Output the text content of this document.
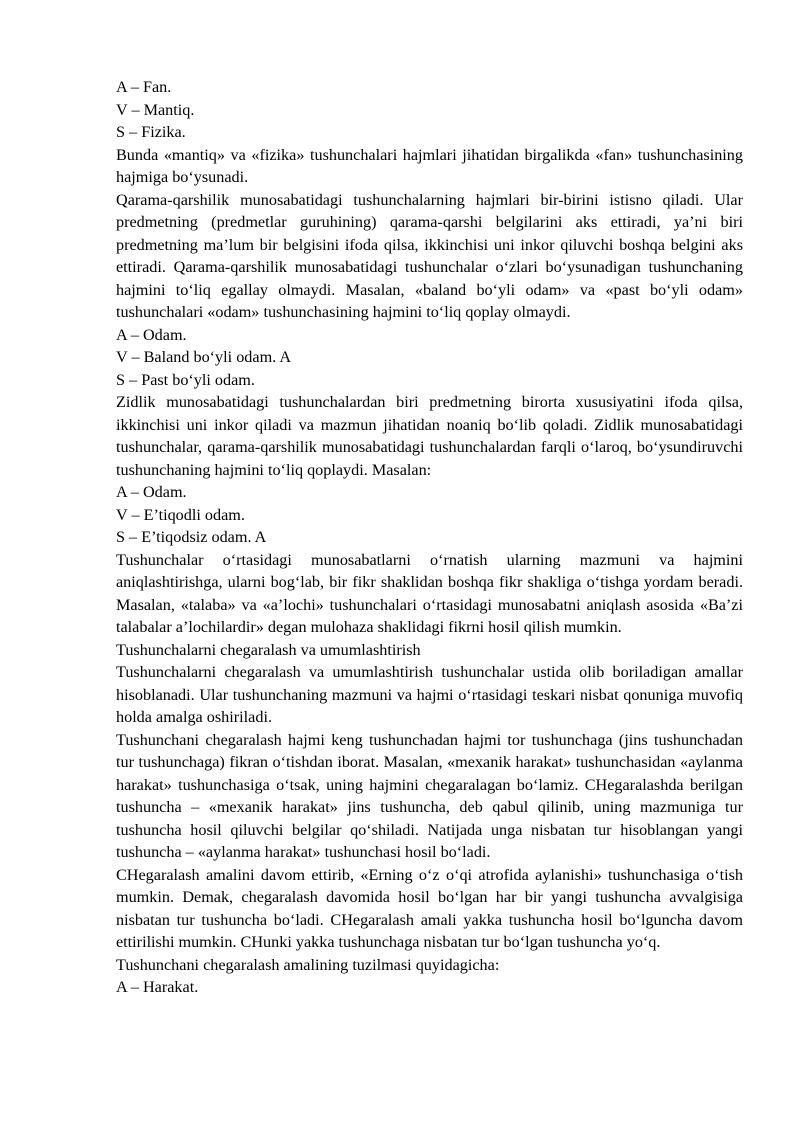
A – Fan.

V – Mantiq.

S – Fizika.

Bunda «mantiq» va «fizika» tushunchalari hajmlari jihatidan birgalikda «fan» tushunchasining hajmiga bo‘ysunadi.

Qarama-qarshilik munosabatidagi tushunchalarning hajmlari bir-birini istisno qiladi. Ular predmetning (predmetlar guruhining) qarama-qarshi belgilarini aks ettiradi, ya’ni biri predmetning ma’lum bir belgisini ifoda qilsa, ikkinchisi uni inkor qiluvchi boshqa belgini aks ettiradi. Qarama-qarshilik munosabatidagi tushunchalar o‘zlari bo‘ysunadigan tushunchaning hajmini to‘liq egallay olmaydi. Masalan, «baland bo‘yli odam» va «past bo‘yli odam» tushunchalari «odam» tushunchasining hajmini to‘liq qoplay olmaydi.

A – Odam.

V – Baland bo‘yli odam. A

S – Past bo‘yli odam.

Zidlik munosabatidagi tushunchalardan biri predmetning birorta xususiyatini ifoda qilsa, ikkinchisi uni inkor qiladi va mazmun jihatidan noaniq bo‘lib qoladi. Zidlik munosabatidagi tushunchalar, qarama-qarshilik munosabatidagi tushunchalardan farqli o‘laroq, bo‘ysundiruvchi tushunchaning hajmini to‘liq qoplaydi. Masalan:

A – Odam.

V – E’tiqodli odam.

S – E’tiqodsiz odam. A

Tushunchalar o‘rtasidagi munosabatlarni o‘rnatish ularning mazmuni va hajmini aniqlashtirishga, ularni bog‘lab, bir fikr shaklidan boshqa fikr shakliga o‘tishga yordam beradi. Masalan, «talaba» va «a’lochi» tushunchalari o‘rtasidagi munosabatni aniqlash asosida «Ba’zi talabalar a’lochilardir» degan mulohaza shaklidagi fikrni hosil qilish mumkin.

Tushunchalarni chegaralash va umumlashtirish

Tushunchalarni chegaralash va umumlashtirish tushunchalar ustida olib boriladigan amallar hisoblanadi. Ular tushunchaning mazmuni va hajmi o‘rtasidagi teskari nisbat qonuniga muvofiq holda amalga oshiriladi.

Tushunchani chegaralash hajmi keng tushunchadan hajmi tor tushunchaga (jins tushunchadan tur tushunchaga) fikran o‘tishdan iborat. Masalan, «mexanik harakat» tushunchasidan «aylanma harakat» tushunchasiga o‘tsak, uning hajmini chegaralagan bo‘lamiz. CHegaralashda berilgan tushuncha – «mexanik harakat» jins tushuncha, deb qabul qilinib, uning mazmuniga tur tushuncha hosil qiluvchi belgilar qo‘shiladi. Natijada unga nisbatan tur hisoblangan yangi tushuncha – «aylanma harakat» tushunchasi hosil bo‘ladi.

CHegaralash amalini davom ettirib, «Erning o‘z o‘qi atrofida aylanishi» tushunchasiga o‘tish mumkin. Demak, chegaralash davomida hosil bo‘lgan har bir yangi tushuncha avvalgisiga nisbatan tur tushuncha bo‘ladi. CHegaralash amali yakka tushuncha hosil bo‘lguncha davom ettirilishi mumkin. CHunki yakka tushunchaga nisbatan tur bo‘lgan tushuncha yo‘q.

Tushunchani chegaralash amalining tuzilmasi quyidagicha:

A – Harakat.
